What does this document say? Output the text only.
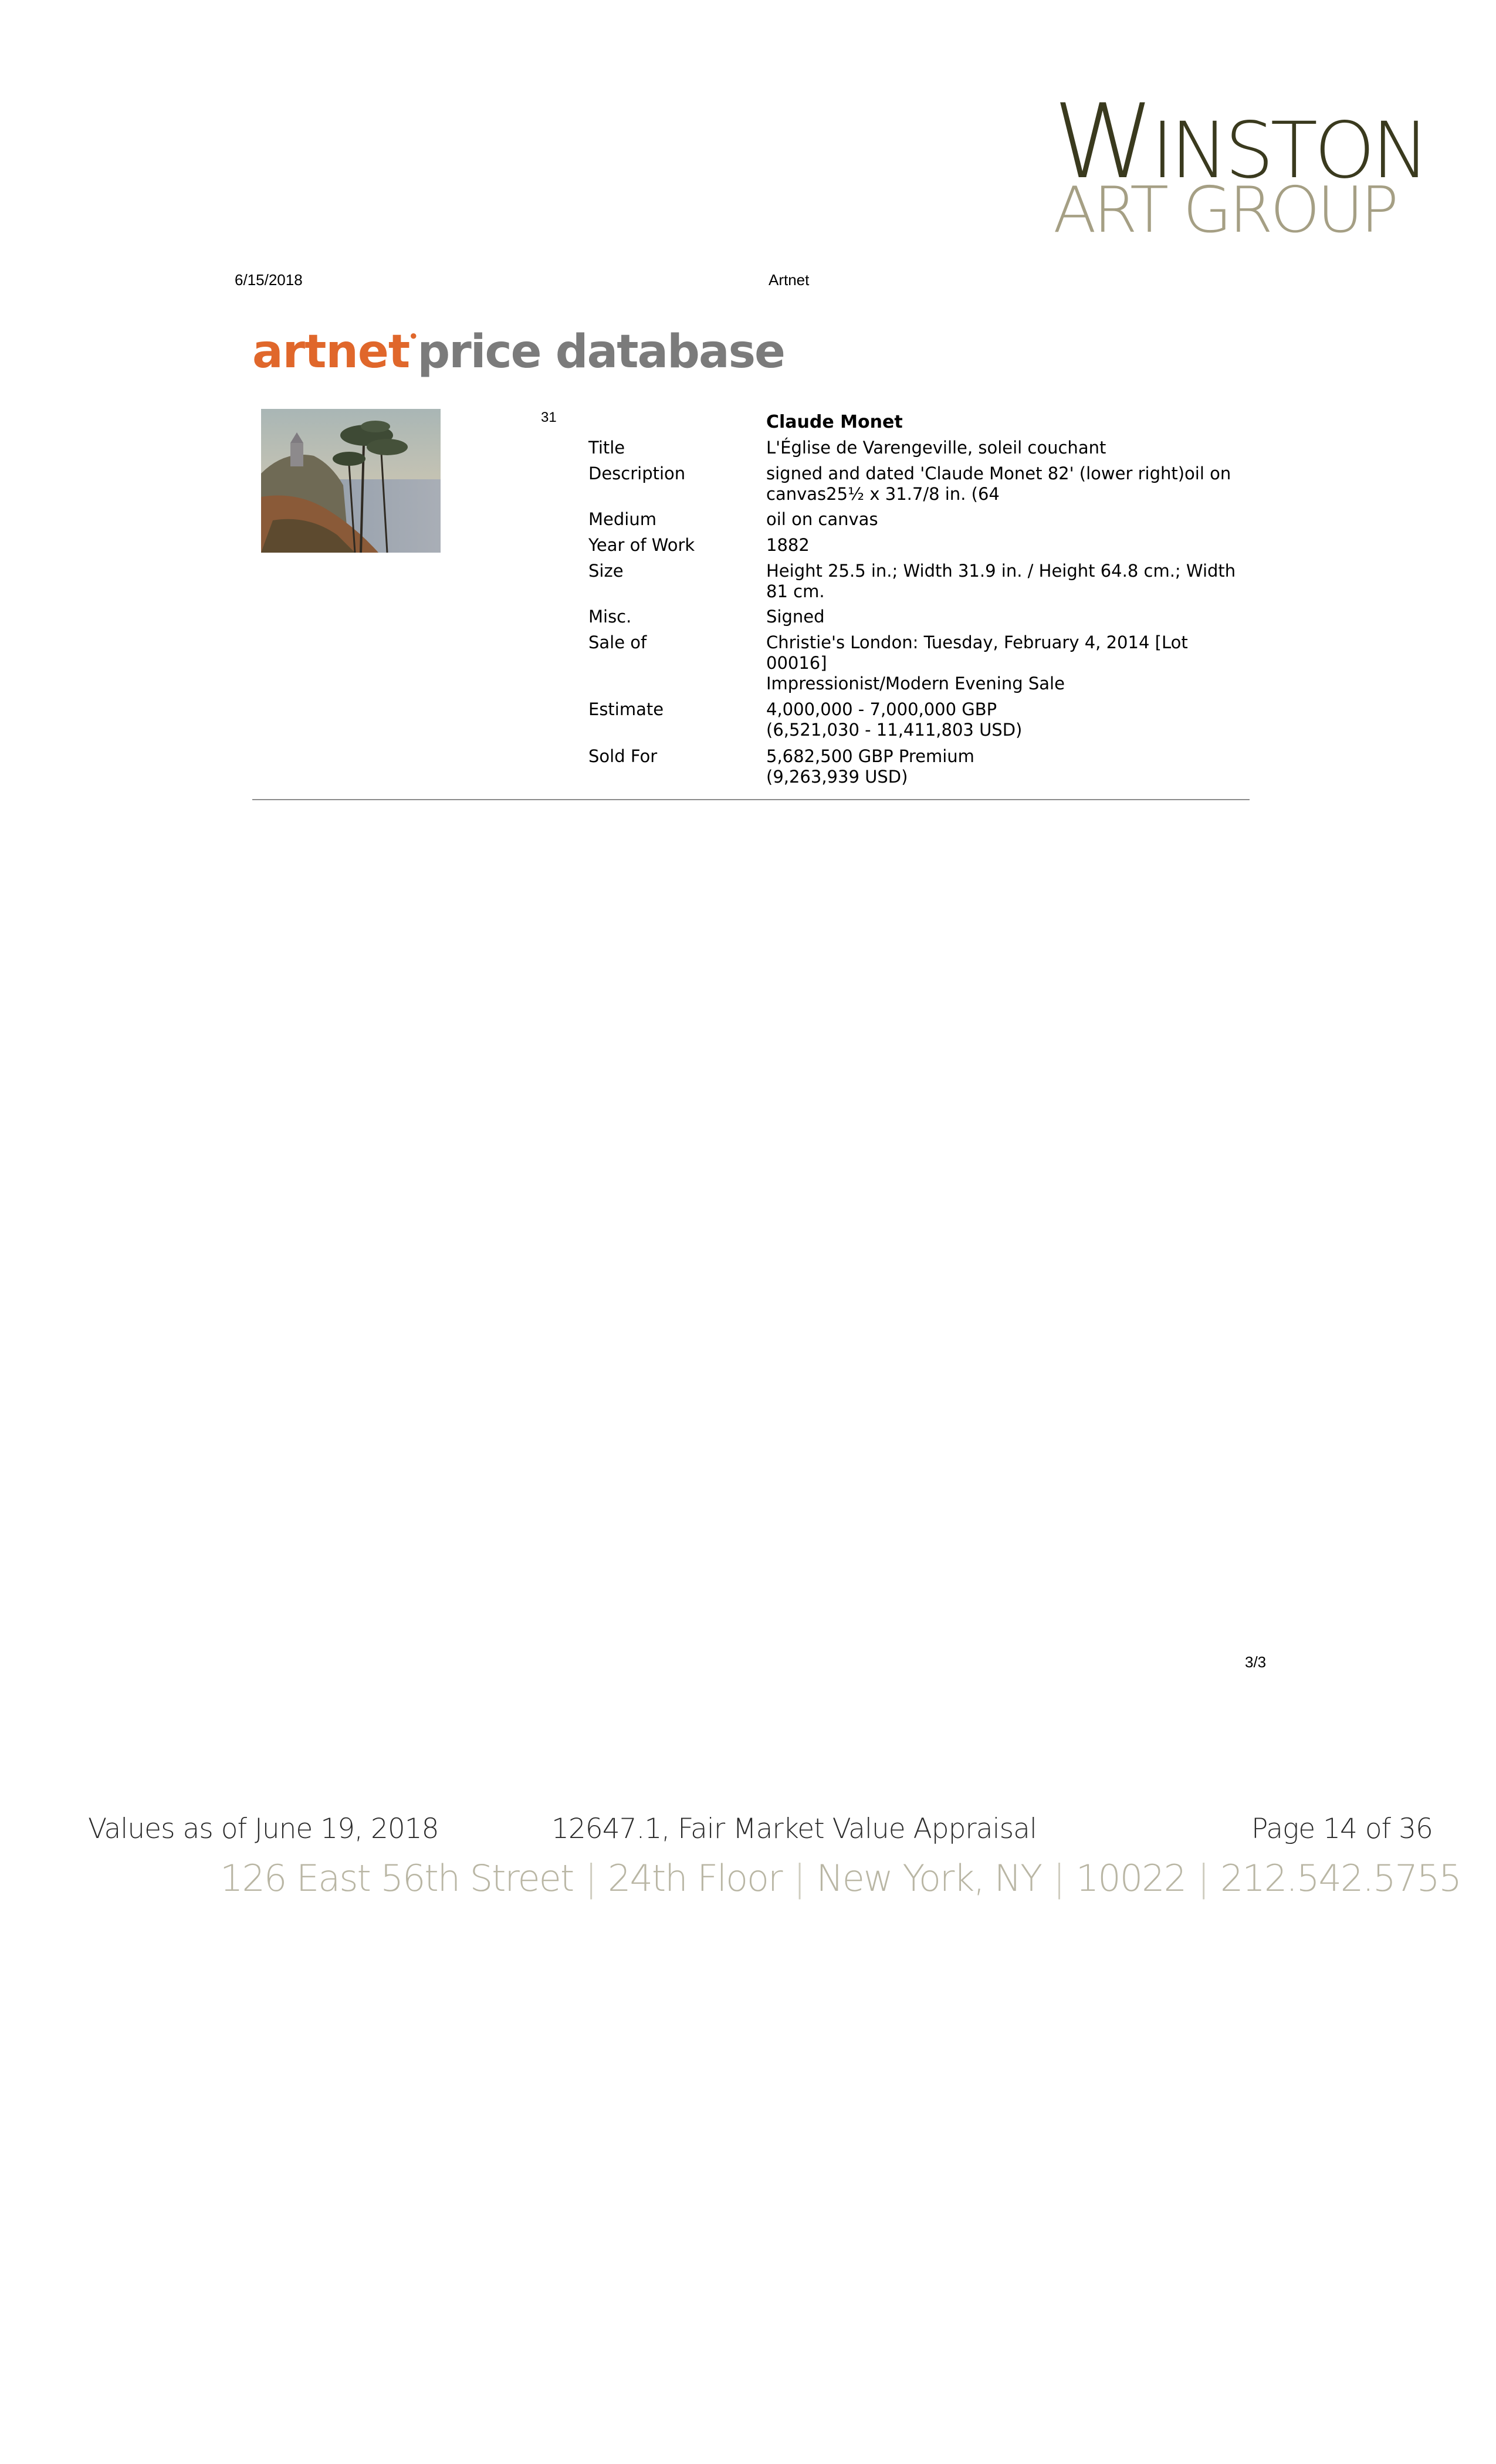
WINSTON
ART GROUP
6/15/2018	Artnet
artnet●price database
31	Claude Monet
Title	L'Église de Varengeville, soleil couchant
Description	signed and dated 'Claude Monet 82' (lower right)oil on
canvas25½ x 31.7/8 in. (64
Medium	oil on canvas
Year of Work	1882
Size	Height 25.5 in.; Width 31.9 in. / Height 64.8 cm.; Width
81 cm.
Misc.	Signed
Sale of	Christie's London: Tuesday, February 4, 2014 [Lot
00016]
Impressionist/Modern Evening Sale
Estimate	4,000,000 - 7,000,000 GBP
(6,521,030 - 11,411,803 USD)
Sold For	5,682,500 GBP Premium
(9,263,939 USD)
3/3
Values as of June 19, 2018	12647.1, Fair Market Value Appraisal	Page 14 of 36
126 East 56th Street | 24th Floor | New York, NY | 10022 | 212.542.5755
